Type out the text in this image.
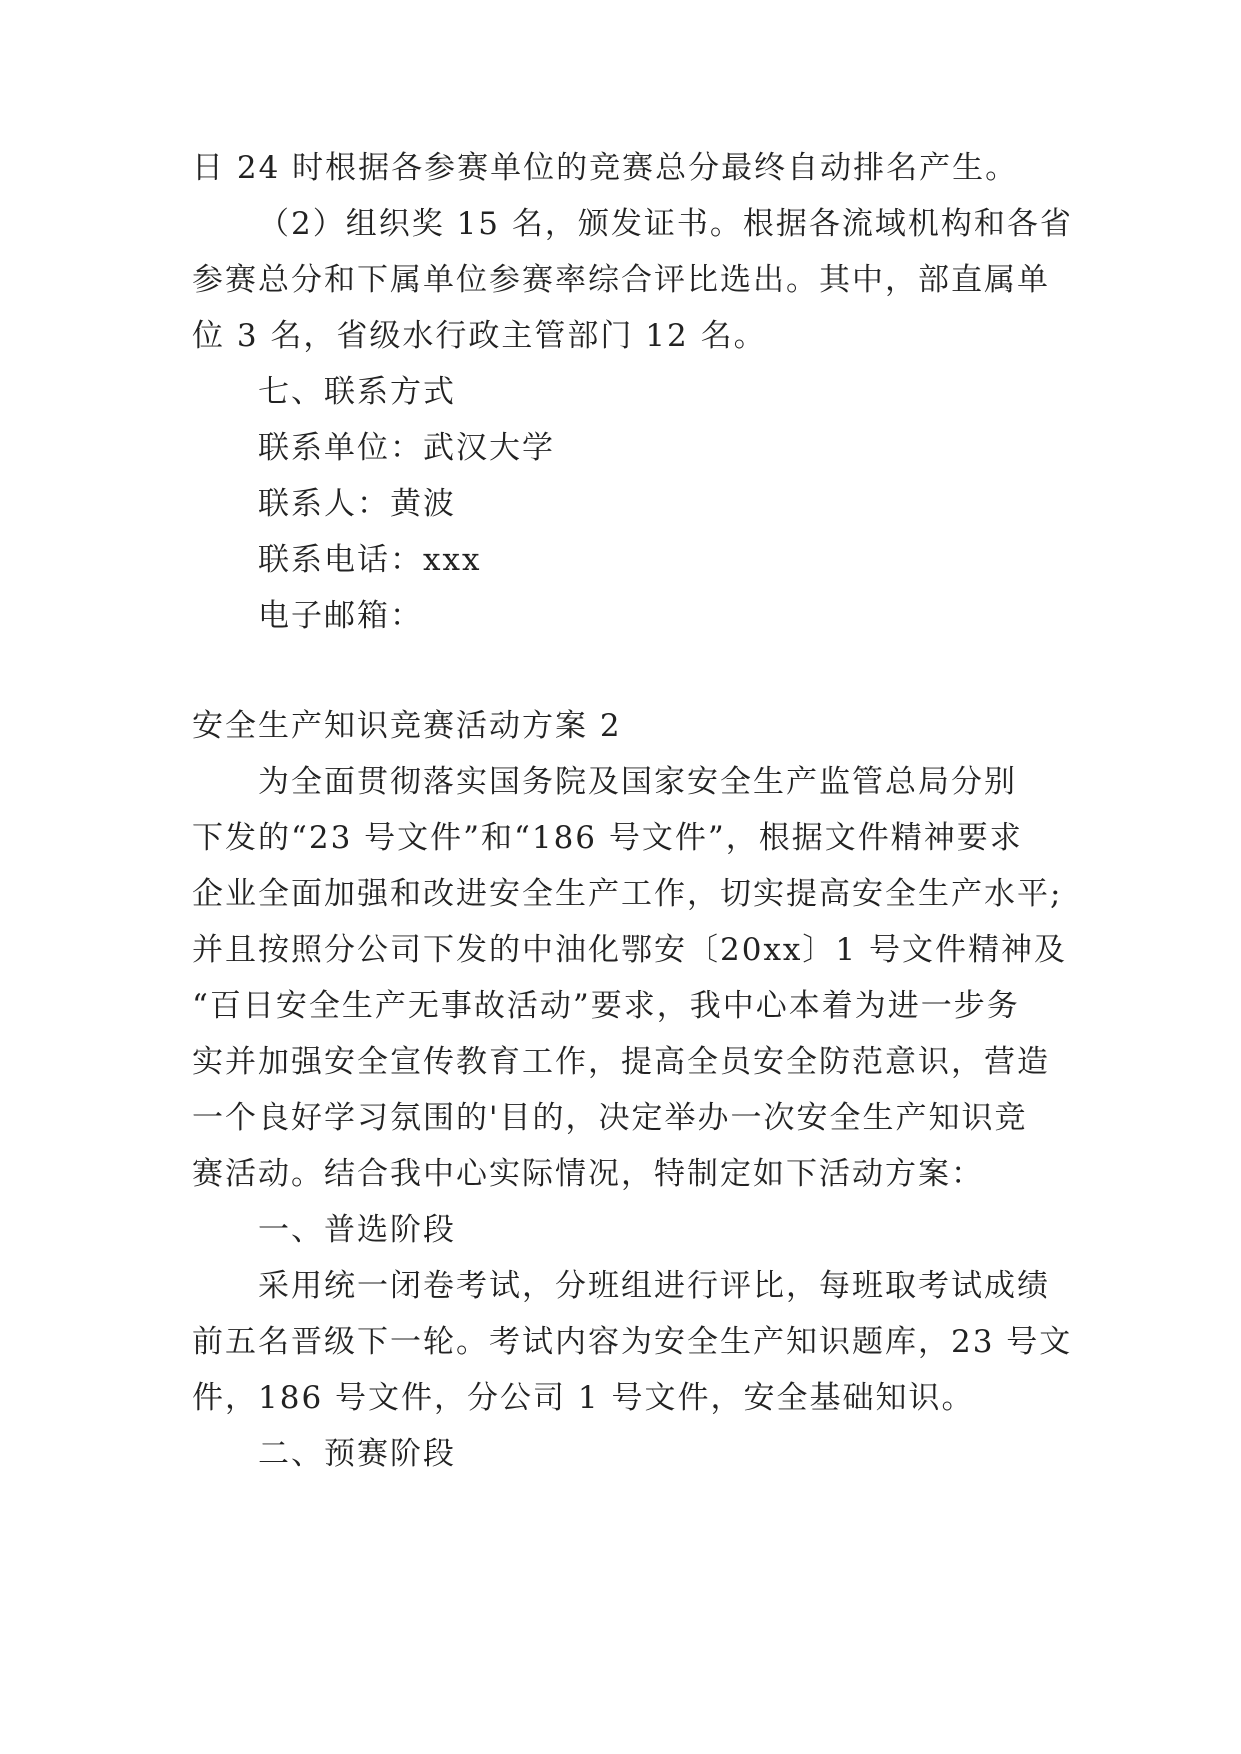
日 24 时根据各参赛单位的竞赛总分最终自动排名产生。
（2）组织奖 15 名，颁发证书。根据各流域机构和各省
参赛总分和下属单位参赛率综合评比选出。其中，部直属单
位 3 名，省级水行政主管部门 12 名。
七、联系方式
联系单位：武汉大学
联系人：黄波
联系电话：xxx
电子邮箱：
安全生产知识竞赛活动方案 2
为全面贯彻落实国务院及国家安全生产监管总局分别
下发的“23 号文件”和“186 号文件”，根据文件精神要求
企业全面加强和改进安全生产工作，切实提高安全生产水平;
并且按照分公司下发的中油化鄂安〔20xx〕1 号文件精神及
“百日安全生产无事故活动”要求，我中心本着为进一步务
实并加强安全宣传教育工作，提高全员安全防范意识，营造
一个良好学习氛围的'目的，决定举办一次安全生产知识竞
赛活动。结合我中心实际情况，特制定如下活动方案：
一、普选阶段
采用统一闭卷考试，分班组进行评比，每班取考试成绩
前五名晋级下一轮。考试内容为安全生产知识题库，23 号文
件，186 号文件，分公司 1 号文件，安全基础知识。
二、预赛阶段
